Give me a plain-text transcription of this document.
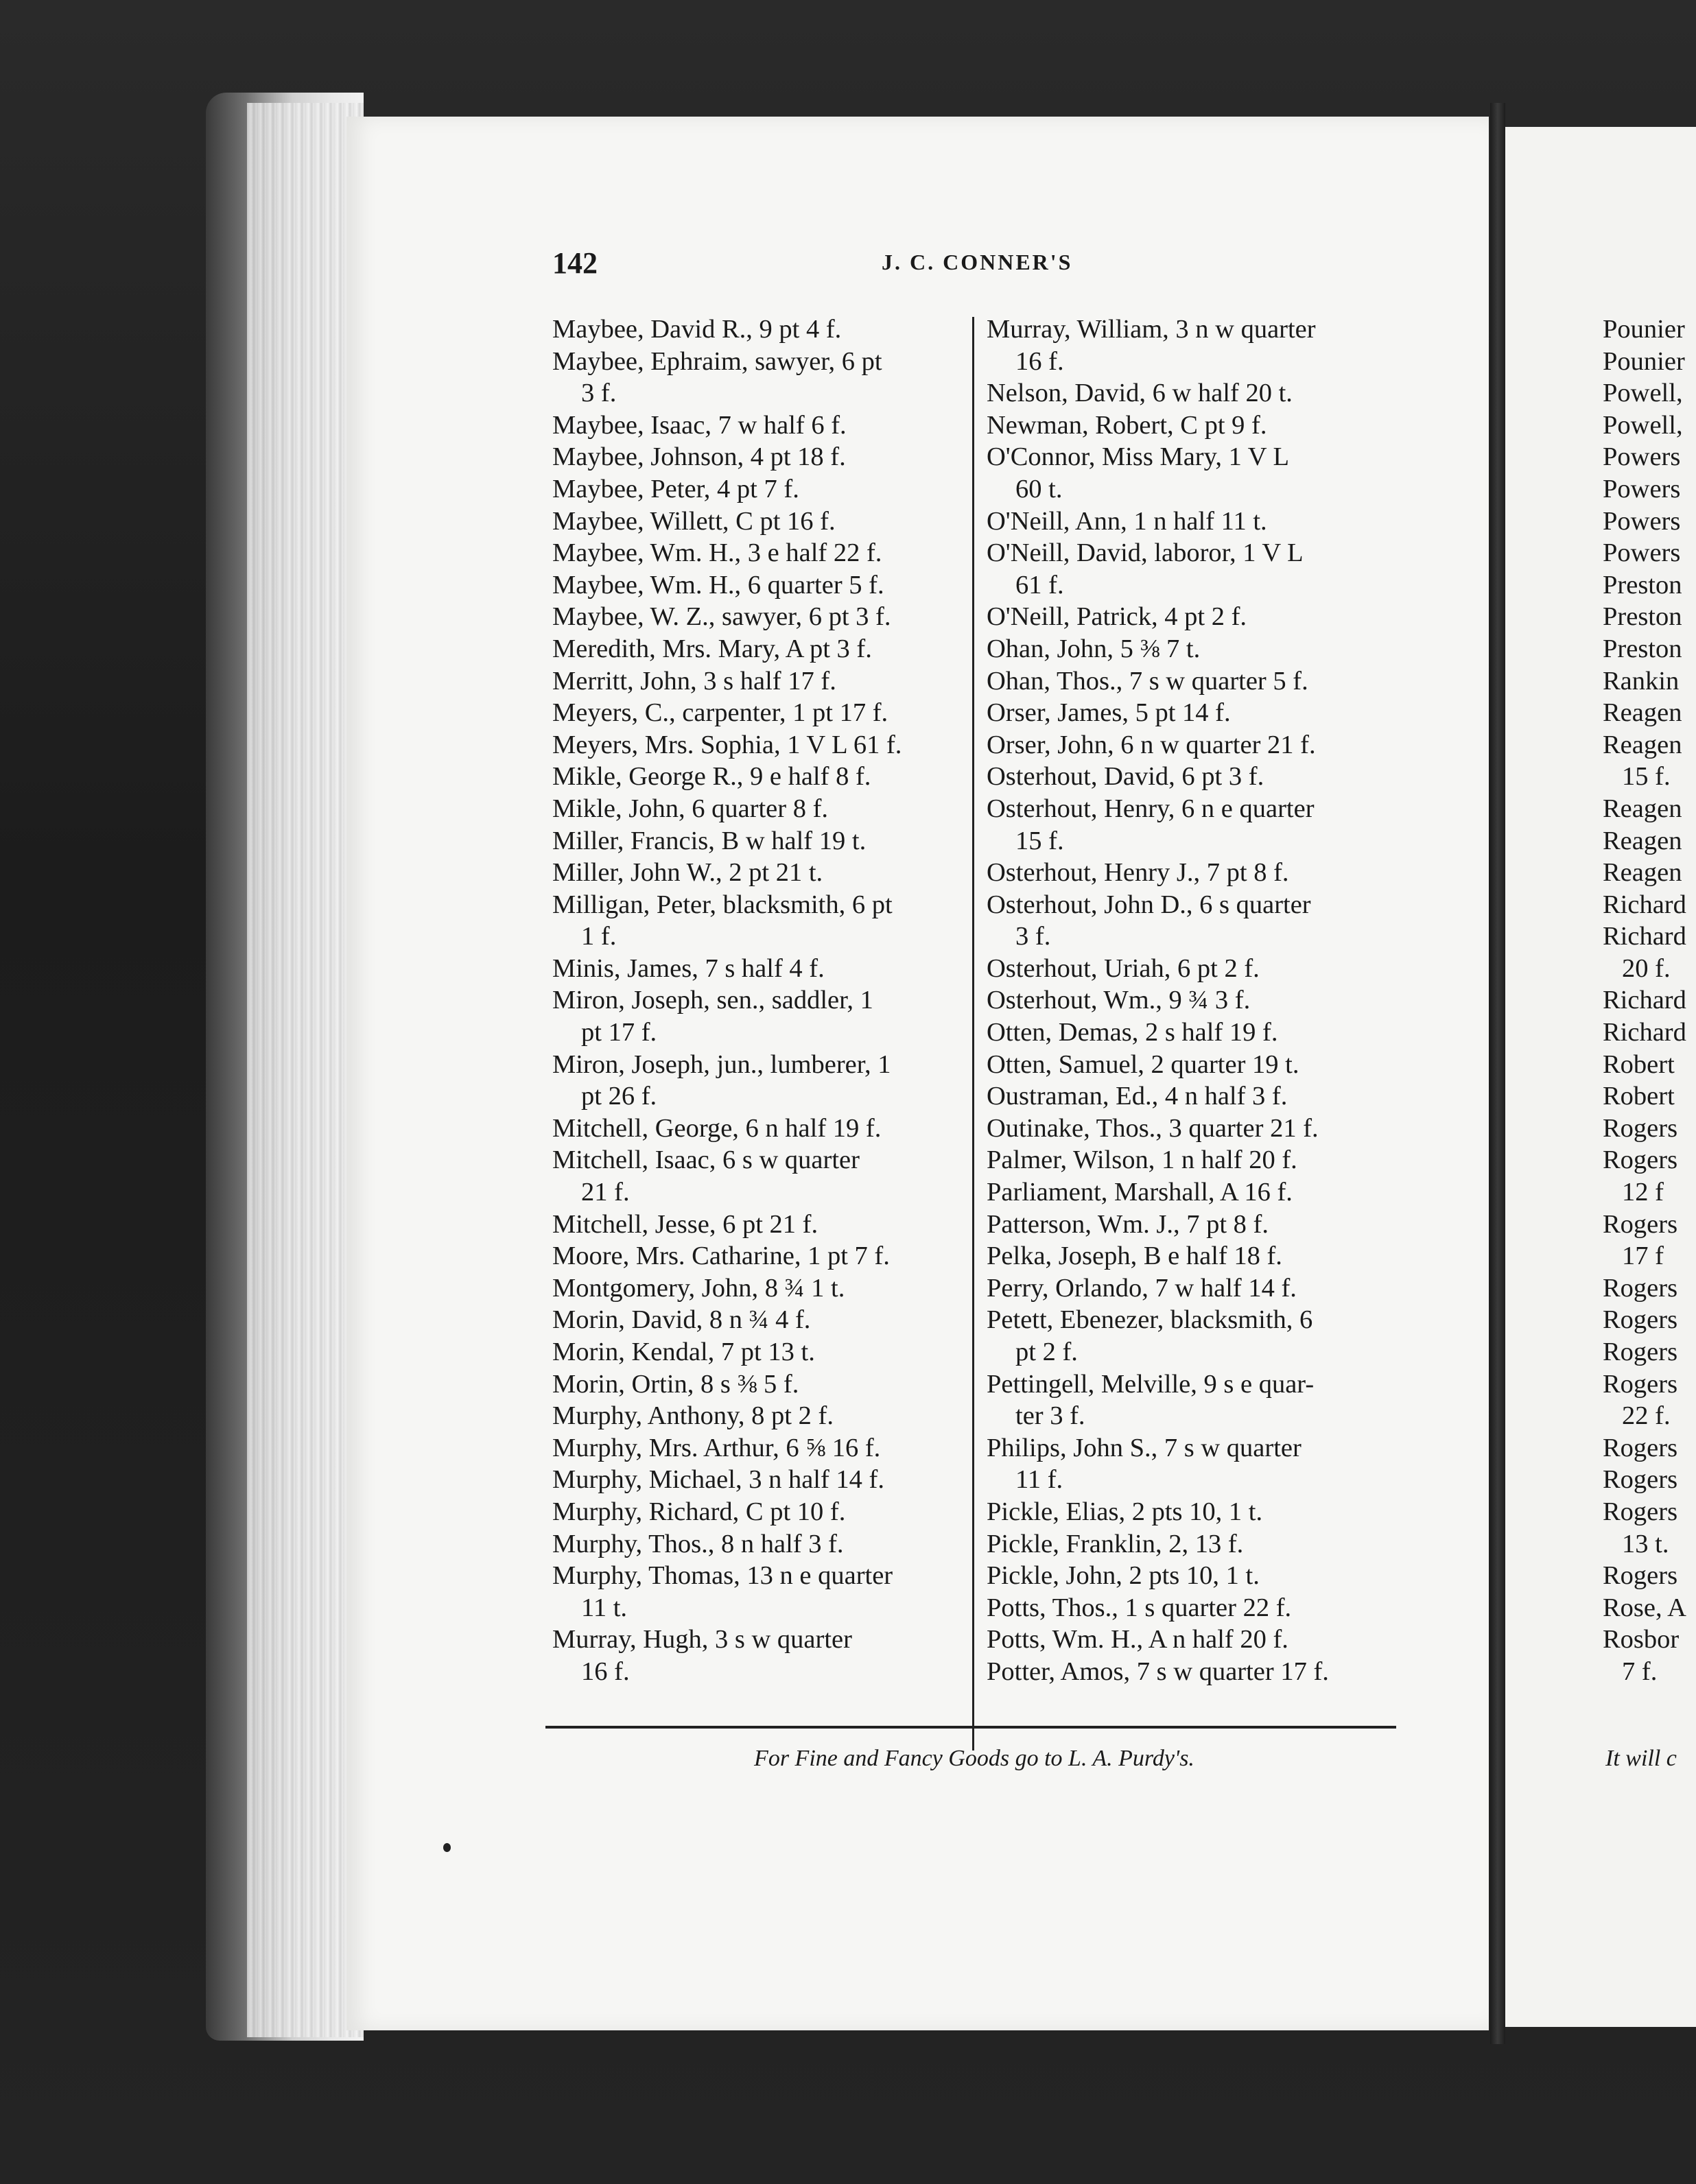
142	J. C. CONNER'S
Maybee, David R., 9 pt 4 f.
Maybee, Ephraim, sawyer, 6 pt
3 f.
Maybee, Isaac, 7 w half 6 f.
Maybee, Johnson, 4 pt 18 f.
Maybee, Peter, 4 pt 7 f.
Maybee, Willett, C pt 16 f.
Maybee, Wm. H., 3 e half 22 f.
Maybee, Wm. H., 6 quarter 5 f.
Maybee, W. Z., sawyer, 6 pt 3 f.
Meredith, Mrs. Mary, A pt 3 f.
Merritt, John, 3 s half 17 f.
Meyers, C., carpenter, 1 pt 17 f.
Meyers, Mrs. Sophia, 1 V L 61 f.
Mikle, George R., 9 e half 8 f.
Mikle, John, 6 quarter 8 f.
Miller, Francis, B w half 19 t.
Miller, John W., 2 pt 21 t.
Milligan, Peter, blacksmith, 6 pt
1 f.
Minis, James, 7 s half 4 f.
Miron, Joseph, sen., saddler, 1
pt 17 f.
Miron, Joseph, jun., lumberer, 1
pt 26 f.
Mitchell, George, 6 n half 19 f.
Mitchell, Isaac, 6 s w quarter
21 f.
Mitchell, Jesse, 6 pt 21 f.
Moore, Mrs. Catharine, 1 pt 7 f.
Montgomery, John, 8 ¾ 1 t.
Morin, David, 8 n ¾ 4 f.
Morin, Kendal, 7 pt 13 t.
Morin, Ortin, 8 s ⅜ 5 f.
Murphy, Anthony, 8 pt 2 f.
Murphy, Mrs. Arthur, 6 ⅝ 16 f.
Murphy, Michael, 3 n half 14 f.
Murphy, Richard, C pt 10 f.
Murphy, Thos., 8 n half 3 f.
Murphy, Thomas, 13 n e quarter
11 t.
Murray, Hugh, 3 s w quarter
16 f.
Murray, William, 3 n w quarter
16 f.
Nelson, David, 6 w half 20 t.
Newman, Robert, C pt 9 f.
O'Connor, Miss Mary, 1 V L
60 t.
O'Neill, Ann, 1 n half 11 t.
O'Neill, David, laboror, 1 V L
61 f.
O'Neill, Patrick, 4 pt 2 f.
Ohan, John, 5 ⅜ 7 t.
Ohan, Thos., 7 s w quarter 5 f.
Orser, James, 5 pt 14 f.
Orser, John, 6 n w quarter 21 f.
Osterhout, David, 6 pt 3 f.
Osterhout, Henry, 6 n e quarter
15 f.
Osterhout, Henry J., 7 pt 8 f.
Osterhout, John D., 6 s quarter
3 f.
Osterhout, Uriah, 6 pt 2 f.
Osterhout, Wm., 9 ¾ 3 f.
Otten, Demas, 2 s half 19 f.
Otten, Samuel, 2 quarter 19 t.
Oustraman, Ed., 4 n half 3 f.
Outinake, Thos., 3 quarter 21 f.
Palmer, Wilson, 1 n half 20 f.
Parliament, Marshall, A 16 f.
Patterson, Wm. J., 7 pt 8 f.
Pelka, Joseph, B e half 18 f.
Perry, Orlando, 7 w half 14 f.
Petett, Ebenezer, blacksmith, 6
pt 2 f.
Pettingell, Melville, 9 s e quar-
ter 3 f.
Philips, John S., 7 s w quarter
11 f.
Pickle, Elias, 2 pts 10, 1 t.
Pickle, Franklin, 2, 13 f.
Pickle, John, 2 pts 10, 1 t.
Potts, Thos., 1 s quarter 22 f.
Potts, Wm. H., A n half 20 f.
Potter, Amos, 7 s w quarter 17 f.
For Fine and Fancy Goods go to L. A. Purdy's.
Pounier
Pounier
Powell,
Powell,
Powers
Powers
Powers
Powers
Preston
Preston
Preston
Rankin
Reagen
Reagen
15 f.
Reagen
Reagen
Reagen
Richard
Richard
20 f.
Richard
Richard
Robert
Robert
Rogers
Rogers
12 f
Rogers
17 f
Rogers
Rogers
Rogers
Rogers
22 f.
Rogers
Rogers
Rogers
13 t.
Rogers
Rose, A
Rosbor
7 f.
It will c
